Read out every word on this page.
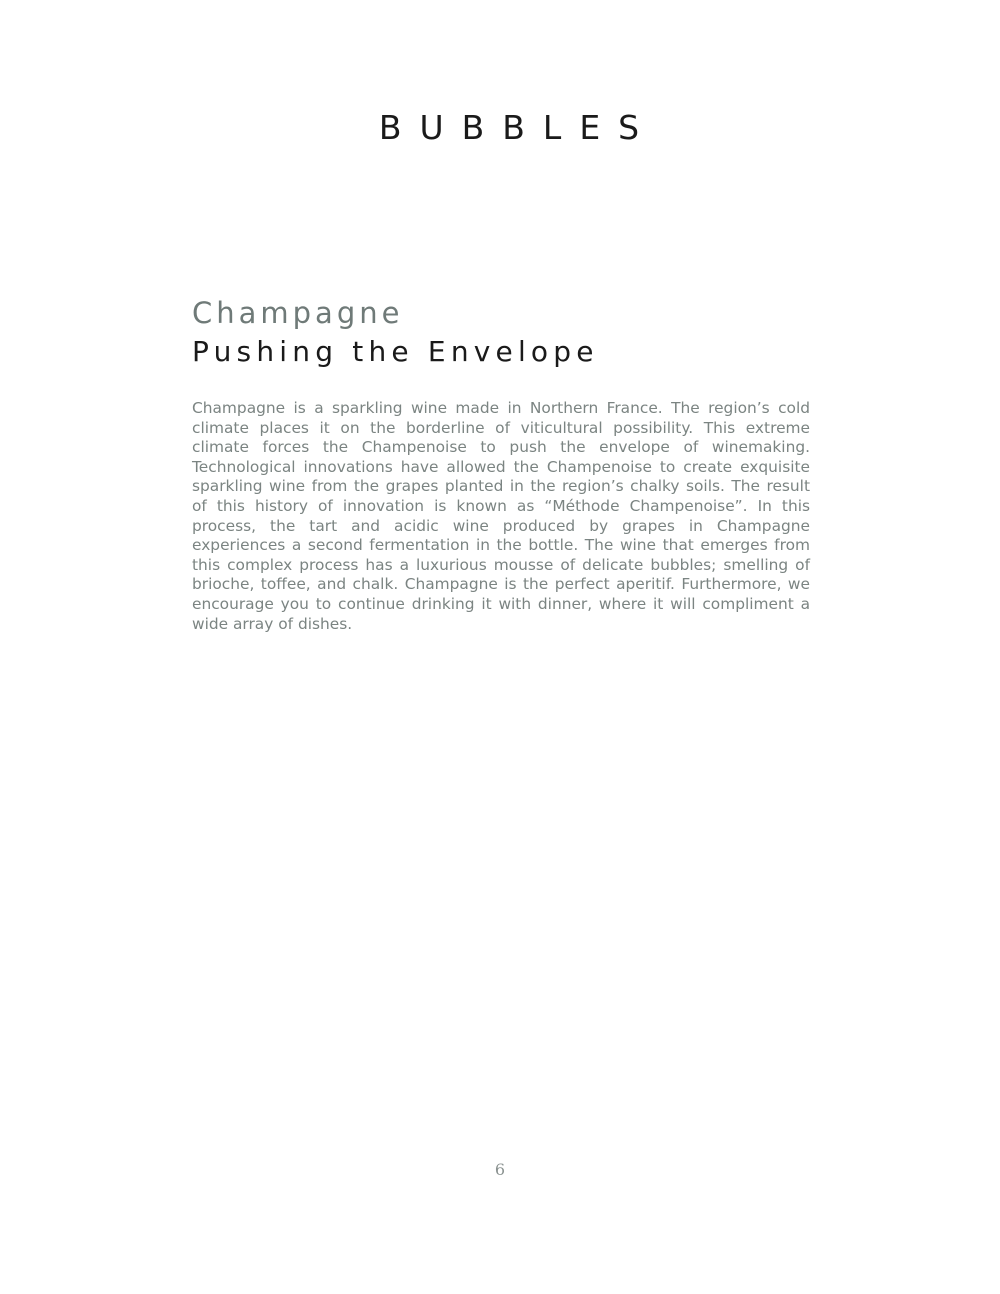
BUBBLES
Champagne
Pushing the Envelope

Champagne is a sparkling wine made in Northern France. The region’s cold climate places it on the borderline of viticultural possibility. This extreme climate forces the Champenoise to push the envelope of winemaking. Technological innovations have allowed the Champenoise to create exquisite sparkling wine from the grapes planted in the region’s chalky soils. The result of this history of innovation is known as “Méthode Champenoise”. In this process, the tart and acidic wine produced by grapes in Champagne experiences a second fermentation in the bottle. The wine that emerges from this complex process has a luxurious mousse of delicate bubbles; smelling of brioche, toffee, and chalk. Champagne is the perfect aperitif. Furthermore, we encourage you to continue drinking it with dinner, where it will compliment a wide array of dishes.

6
